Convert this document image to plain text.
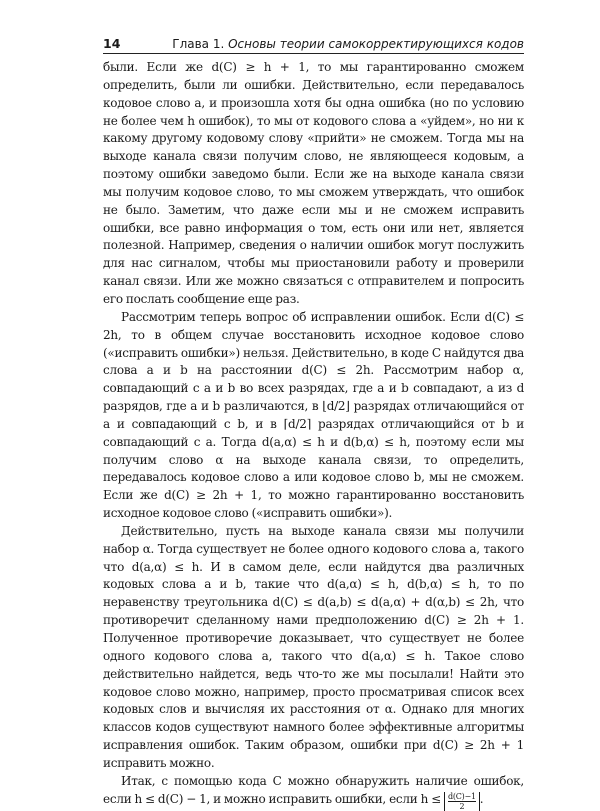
14	Глава 1. Основы теории самокорректирующихся кодов

были. Если же d(C) ≥ h + 1, то мы гарантированно сможем определить, были ли ошибки. Действительно, если передавалось кодовое слово a, и произошла хотя бы одна ошибка (но по условию не более чем h ошибок), то мы от кодового слова a «уйдем», но ни к какому другому кодовому слову «прийти» не сможем. Тогда мы на выходе канала связи получим слово, не являющееся кодовым, а поэтому ошибки заведомо были. Если же на выходе канала связи мы получим кодовое слово, то мы сможем утверждать, что ошибок не было. Заметим, что даже если мы и не сможем исправить ошибки, все равно информация о том, есть они или нет, является полезной. Например, сведения о наличии ошибок могут послужить для нас сигналом, чтобы мы приостановили работу и проверили канал связи. Или же можно связаться с отправителем и попросить его послать сообщение еще раз.

Рассмотрим теперь вопрос об исправлении ошибок. Если d(C) ≤ 2h, то в общем случае восстановить исходное кодовое слово («исправить ошибки») нельзя. Действительно, в коде C найдутся два слова a и b на расстоянии d(C) ≤ 2h. Рассмотрим набор α, совпадающий с a и b во всех разрядах, где a и b совпадают, а из d разрядов, где a и b различаются, в ⌊d/2⌋ разрядах отличающийся от a и совпадающий с b, и в ⌈d/2⌉ разрядах отличающийся от b и совпадающий с a. Тогда d(a,α) ≤ h и d(b,α) ≤ h, поэтому если мы получим слово α на выходе канала связи, то определить, передавалось кодовое слово a или кодовое слово b, мы не сможем. Если же d(C) ≥ 2h + 1, то можно гарантированно восстановить исходное кодовое слово («исправить ошибки»).

Действительно, пусть на выходе канала связи мы получили набор α. Тогда существует не более одного кодового слова a, такого что d(a,α) ≤ h. И в самом деле, если найдутся два различных кодовых слова a и b, такие что d(a,α) ≤ h, d(b,α) ≤ h, то по неравенству треугольника d(C) ≤ d(a,b) ≤ d(a,α) + d(α,b) ≤ 2h, что противоречит сделанному нами предположению d(C) ≥ 2h + 1. Полученное противоречие доказывает, что существует не более одного кодового слова a, такого что d(a,α) ≤ h. Такое слово действительно найдется, ведь что-то же мы посылали! Найти это кодовое слово можно, например, просто просматривая список всех кодовых слов и вычисляя их расстояния от α. Однако для многих классов кодов существуют намного более эффективные алгоритмы исправления ошибок. Таким образом, ошибки при d(C) ≥ 2h + 1 исправить можно.

Итак, с помощью кода C можно обнаружить наличие ошибок, если h ≤ d(C) − 1, и можно исправить ошибки, если $h \le \frac{d(C)-1}{2}$ .
